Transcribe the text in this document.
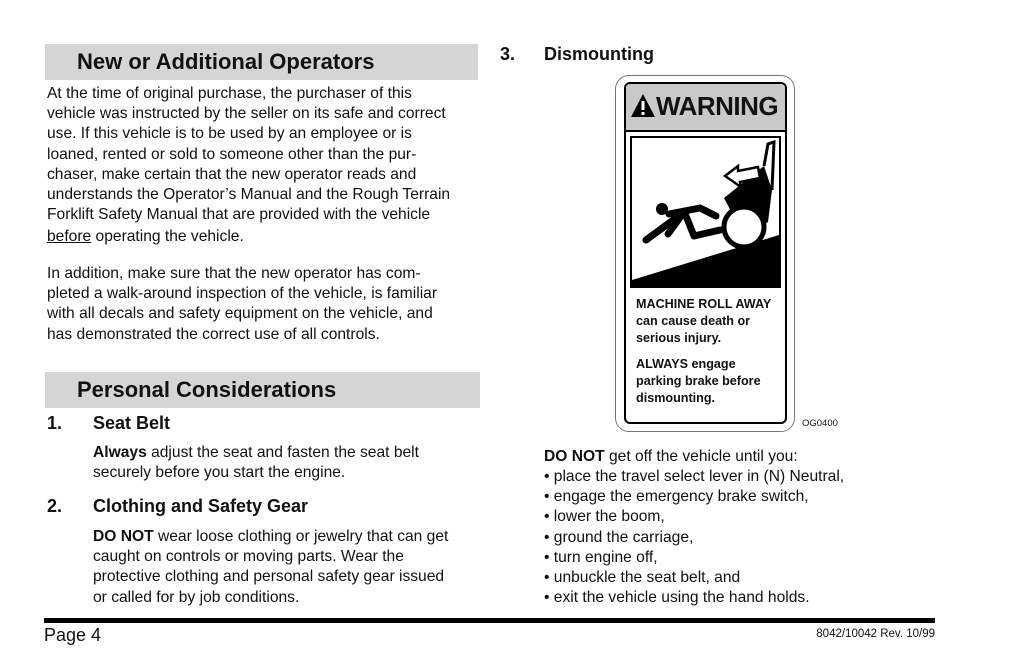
New or Additional Operators
At the time of original purchase, the purchaser of this
vehicle was instructed by the seller on its safe and correct
use. If this vehicle is to be used by an employee or is
loaned, rented or sold to someone other than the pur-
chaser, make certain that the new operator reads and
understands the Operator’s Manual and the Rough Terrain
Forklift Safety Manual that are provided with the vehicle
before operating the vehicle.
In addition, make sure that the new operator has com-
pleted a walk-around inspection of the vehicle, is familiar
with all decals and safety equipment on the vehicle, and
has demonstrated the correct use of all controls.
Personal Considerations
1. Seat Belt
Always adjust the seat and fasten the seat belt
securely before you start the engine.
2. Clothing and Safety Gear
DO NOT wear loose clothing or jewelry that can get
caught on controls or moving parts. Wear the
protective clothing and personal safety gear issued
or called for by job conditions.
3. Dismounting
WARNING

MACHINE ROLL AWAY

can cause death or

serious injury.

ALWAYS engage

parking brake before

dismounting.

OG0400
DO NOT get off the vehicle until you:
• place the travel select lever in (N) Neutral,
• engage the emergency brake switch,
• lower the boom,
• ground the carriage,
• turn engine off,
• unbuckle the seat belt, and
• exit the vehicle using the hand holds.
Page 4	8042/10042 Rev. 10/99
